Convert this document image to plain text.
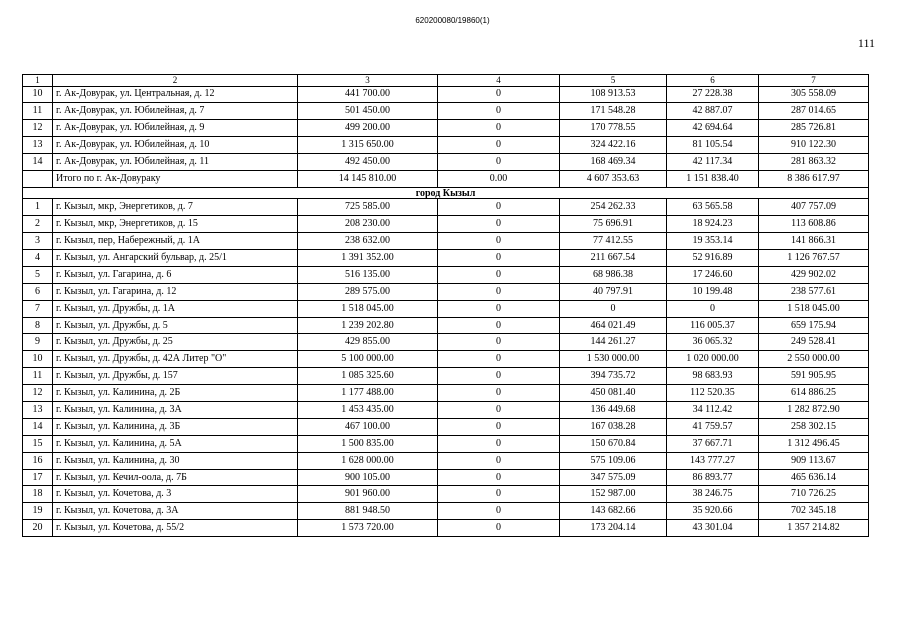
620200080/19860(1)
111
1	2	3	4	5	6	7
10	г. Ак-Довурак, ул. Центральная, д. 12	441 700.00	0	108 913.53	27 228.38	305 558.09
11	г. Ак-Довурак, ул. Юбилейная, д. 7	501 450.00	0	171 548.28	42 887.07	287 014.65
12	г. Ак-Довурак, ул. Юбилейная, д. 9	499 200.00	0	170 778.55	42 694.64	285 726.81
13	г. Ак-Довурак, ул. Юбилейная, д. 10	1 315 650.00	0	324 422.16	81 105.54	910 122.30
14	г. Ак-Довурак, ул. Юбилейная, д. 11	492 450.00	0	168 469.34	42 117.34	281 863.32
	Итого по г. Ак-Довураку	14 145 810.00	0.00	4 607 353.63	1 151 838.40	8 386 617.97
город Кызыл						
1	г. Кызыл, мкр, Энергетиков, д. 7	725 585.00	0	254 262.33	63 565.58	407 757.09
2	г. Кызыл, мкр, Энергетиков, д. 15	208 230.00	0	75 696.91	18 924.23	113 608.86
3	г. Кызыл, пер, Набережный, д. 1А	238 632.00	0	77 412.55	19 353.14	141 866.31
4	г. Кызыл, ул. Ангарский бульвар, д. 25/1	1 391 352.00	0	211 667.54	52 916.89	1 126 767.57
5	г. Кызыл, ул. Гагарина, д. 6	516 135.00	0	68 986.38	17 246.60	429 902.02
6	г. Кызыл, ул. Гагарина, д. 12	289 575.00	0	40 797.91	10 199.48	238 577.61
7	г. Кызыл, ул. Дружбы, д. 1А	1 518 045.00	0	0	0	1 518 045.00
8	г. Кызыл, ул. Дружбы, д. 5	1 239 202.80	0	464 021.49	116 005.37	659 175.94
9	г. Кызыл, ул. Дружбы, д. 25	429 855.00	0	144 261.27	36 065.32	249 528.41
10	г. Кызыл, ул. Дружбы, д. 42А Литер "О"	5 100 000.00	0	1 530 000.00	1 020 000.00	2 550 000.00
11	г. Кызыл, ул. Дружбы, д. 157	1 085 325.60	0	394 735.72	98 683.93	591 905.95
12	г. Кызыл, ул. Калинина, д. 2Б	1 177 488.00	0	450 081.40	112 520.35	614 886.25
13	г. Кызыл, ул. Калинина, д. 3А	1 453 435.00	0	136 449.68	34 112.42	1 282 872.90
14	г. Кызыл, ул. Калинина, д. 3Б	467 100.00	0	167 038.28	41 759.57	258 302.15
15	г. Кызыл, ул. Калинина, д. 5А	1 500 835.00	0	150 670.84	37 667.71	1 312 496.45
16	г. Кызыл, ул. Калинина, д. 30	1 628 000.00	0	575 109.06	143 777.27	909 113.67
17	г. Кызыл, ул. Кечил-оола, д. 7Б	900 105.00	0	347 575.09	86 893.77	465 636.14
18	г. Кызыл, ул. Кочетова, д. 3	901 960.00	0	152 987.00	38 246.75	710 726.25
19	г. Кызыл, ул. Кочетова, д. 3А	881 948.50	0	143 682.66	35 920.66	702 345.18
20	г. Кызыл, ул. Кочетова, д. 55/2	1 573 720.00	0	173 204.14	43 301.04	1 357 214.82
